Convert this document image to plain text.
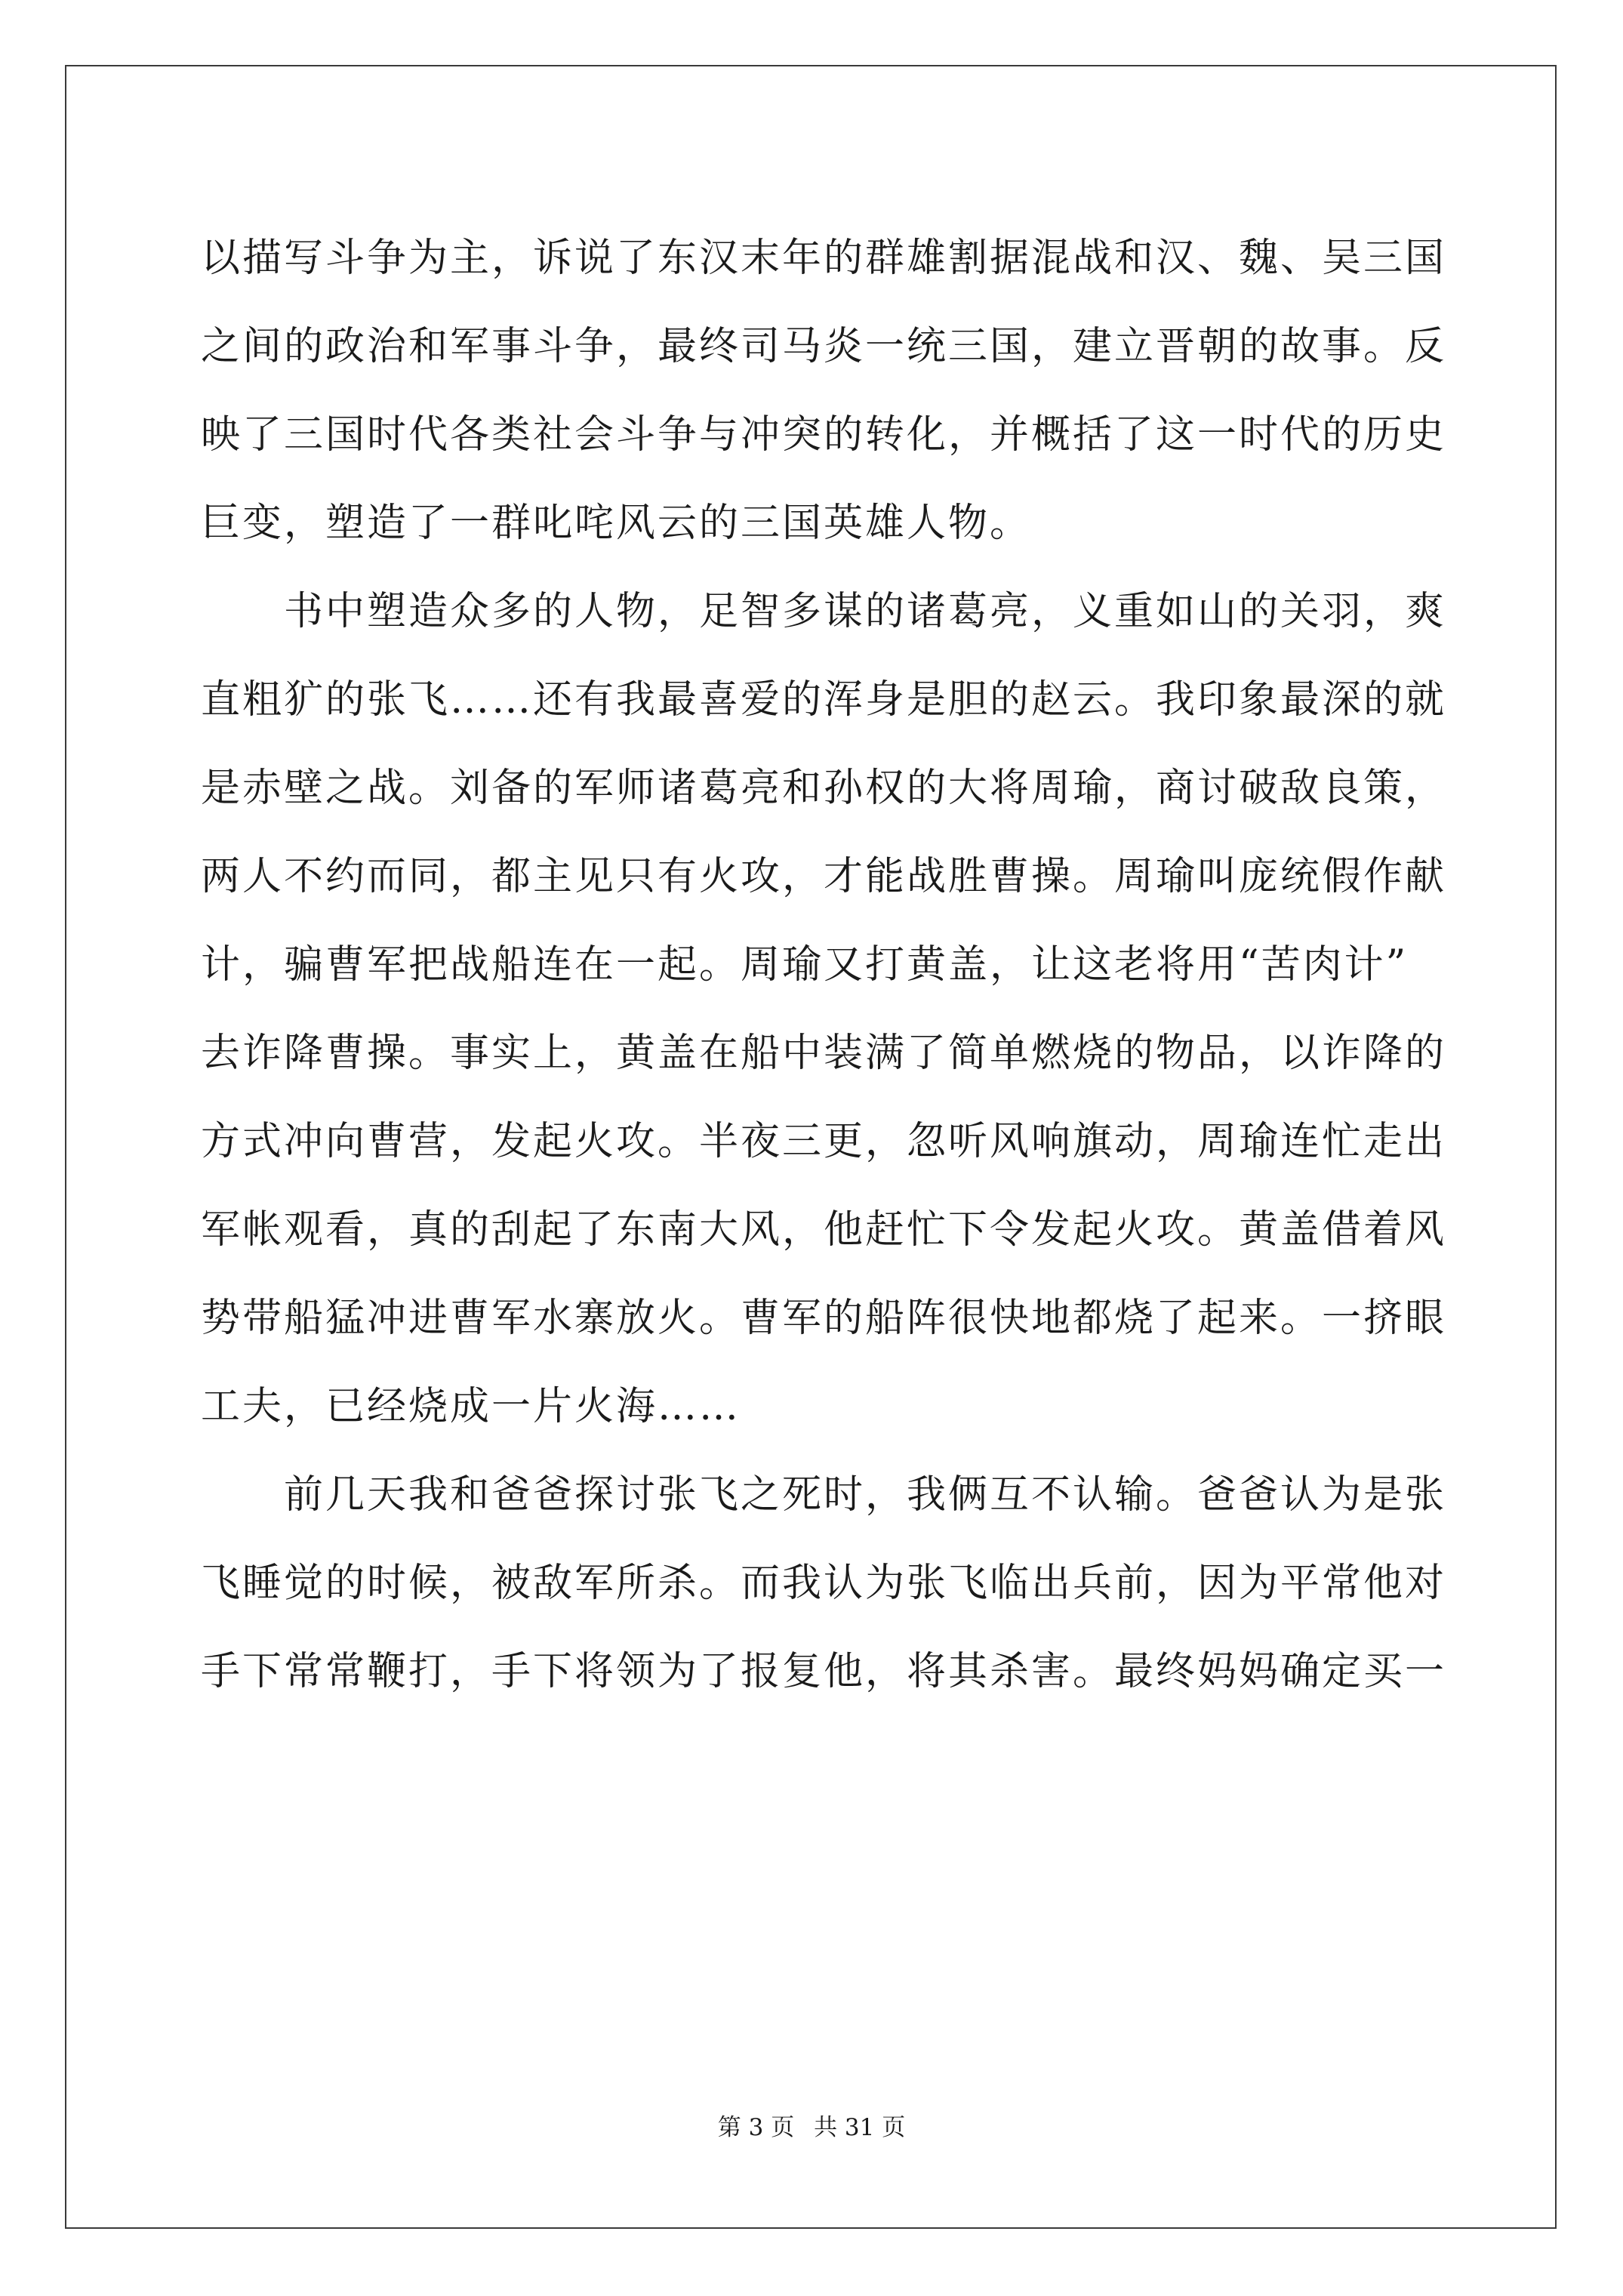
以描写斗争为主，诉说了东汉末年的群雄割据混战和汉、魏、吴三国
之间的政治和军事斗争，最终司马炎一统三国，建立晋朝的故事。反
映了三国时代各类社会斗争与冲突的转化，并概括了这一时代的历史
巨变，塑造了一群叱咤风云的三国英雄人物。
　　书中塑造众多的人物，足智多谋的诸葛亮，义重如山的关羽，爽
直粗犷的张飞……还有我最喜爱的浑身是胆的赵云。我印象最深的就
是赤壁之战。刘备的军师诸葛亮和孙权的大将周瑜，商讨破敌良策，
两人不约而同，都主见只有火攻，才能战胜曹操。周瑜叫庞统假作献
计，骗曹军把战船连在一起。周瑜又打黄盖，让这老将用“苦肉计”
去诈降曹操。事实上，黄盖在船中装满了简单燃烧的物品，以诈降的
方式冲向曹营，发起火攻。半夜三更，忽听风响旗动，周瑜连忙走出
军帐观看，真的刮起了东南大风，他赶忙下令发起火攻。黄盖借着风
势带船猛冲进曹军水寨放火。曹军的船阵很快地都烧了起来。一挤眼
工夫，已经烧成一片火海……
　　前几天我和爸爸探讨张飞之死时，我俩互不认输。爸爸认为是张
飞睡觉的时候，被敌军所杀。而我认为张飞临出兵前，因为平常他对
手下常常鞭打，手下将领为了报复他，将其杀害。最终妈妈确定买一
第 3 页 共 31 页
